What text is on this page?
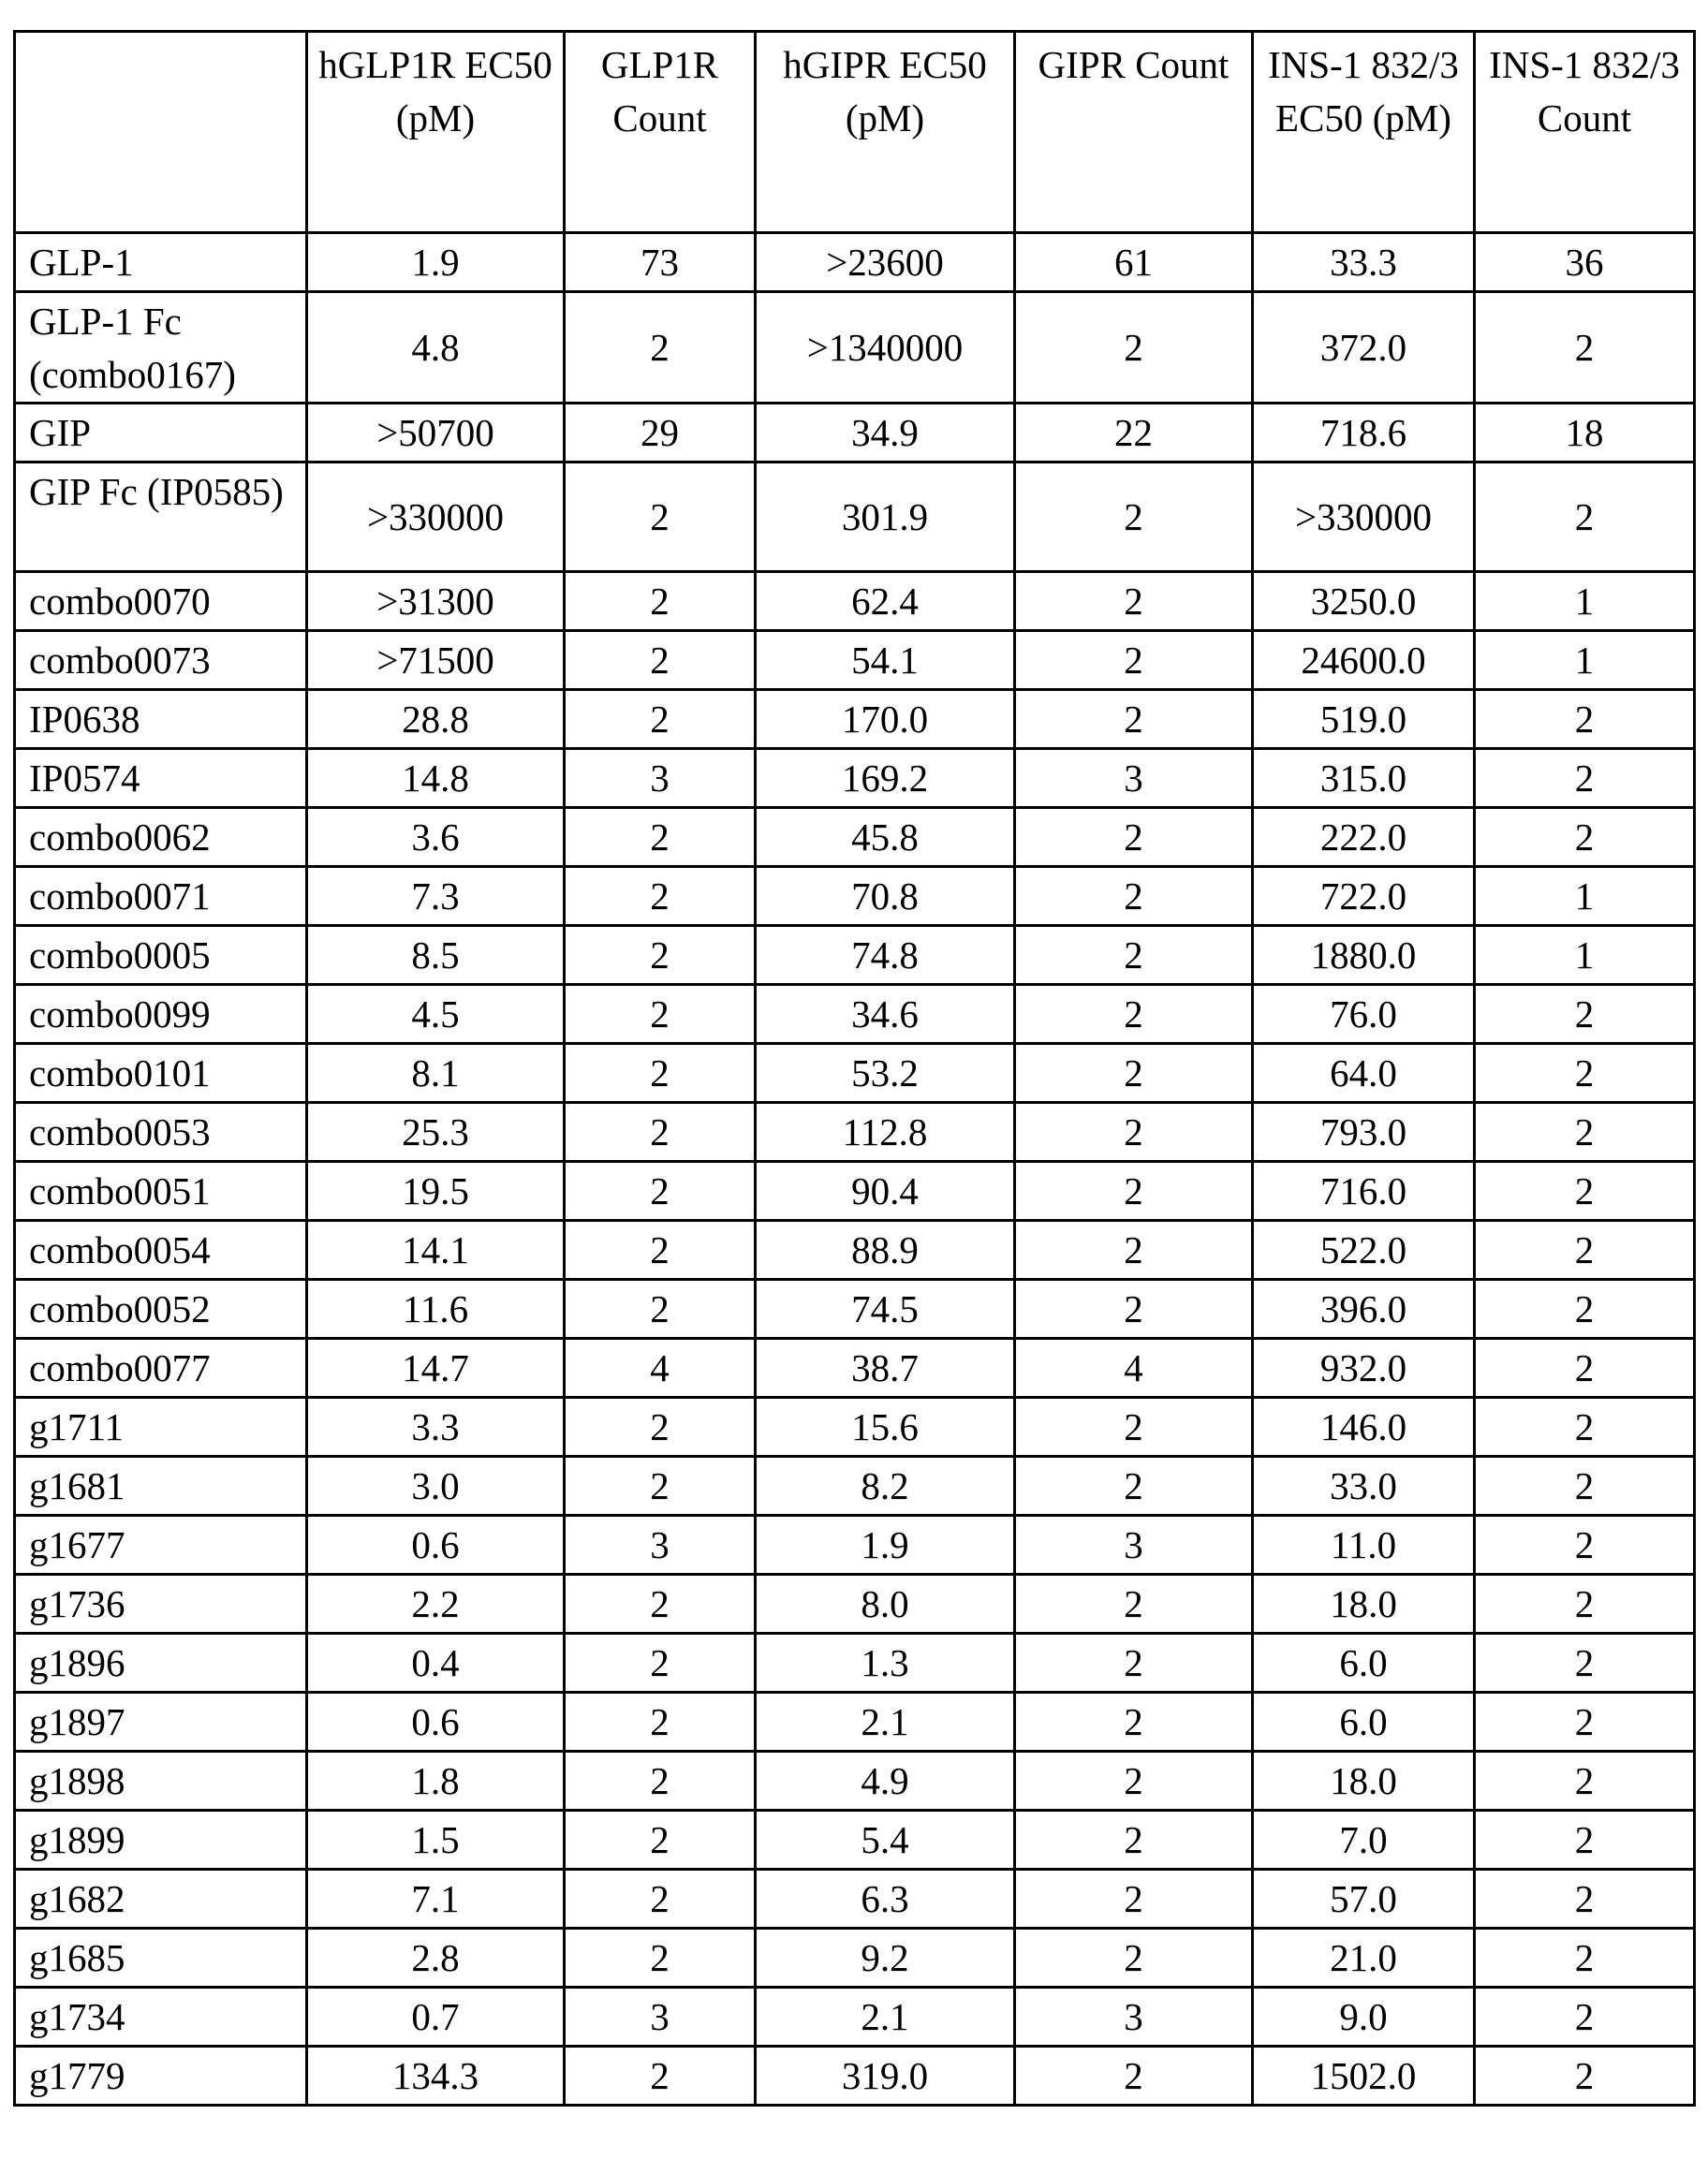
	hGLP1R EC50 (pM)	GLP1R Count	hGIPR EC50 (pM)	GIPR Count	INS-1 832/3 EC50 (pM)	INS-1 832/3 Count
GLP-1	1.9	73	>23600	61	33.3	36
GLP-1 Fc (combo0167)	4.8	2	>1340000	2	372.0	2
GIP	>50700	29	34.9	22	718.6	18
GIP Fc (IP0585)	>330000	2	301.9	2	>330000	2
combo0070	>31300	2	62.4	2	3250.0	1
combo0073	>71500	2	54.1	2	24600.0	1
IP0638	28.8	2	170.0	2	519.0	2
IP0574	14.8	3	169.2	3	315.0	2
combo0062	3.6	2	45.8	2	222.0	2
combo0071	7.3	2	70.8	2	722.0	1
combo0005	8.5	2	74.8	2	1880.0	1
combo0099	4.5	2	34.6	2	76.0	2
combo0101	8.1	2	53.2	2	64.0	2
combo0053	25.3	2	112.8	2	793.0	2
combo0051	19.5	2	90.4	2	716.0	2
combo0054	14.1	2	88.9	2	522.0	2
combo0052	11.6	2	74.5	2	396.0	2
combo0077	14.7	4	38.7	4	932.0	2
g1711	3.3	2	15.6	2	146.0	2
g1681	3.0	2	8.2	2	33.0	2
g1677	0.6	3	1.9	3	11.0	2
g1736	2.2	2	8.0	2	18.0	2
g1896	0.4	2	1.3	2	6.0	2
g1897	0.6	2	2.1	2	6.0	2
g1898	1.8	2	4.9	2	18.0	2
g1899	1.5	2	5.4	2	7.0	2
g1682	7.1	2	6.3	2	57.0	2
g1685	2.8	2	9.2	2	21.0	2
g1734	0.7	3	2.1	3	9.0	2
g1779	134.3	2	319.0	2	1502.0	2
